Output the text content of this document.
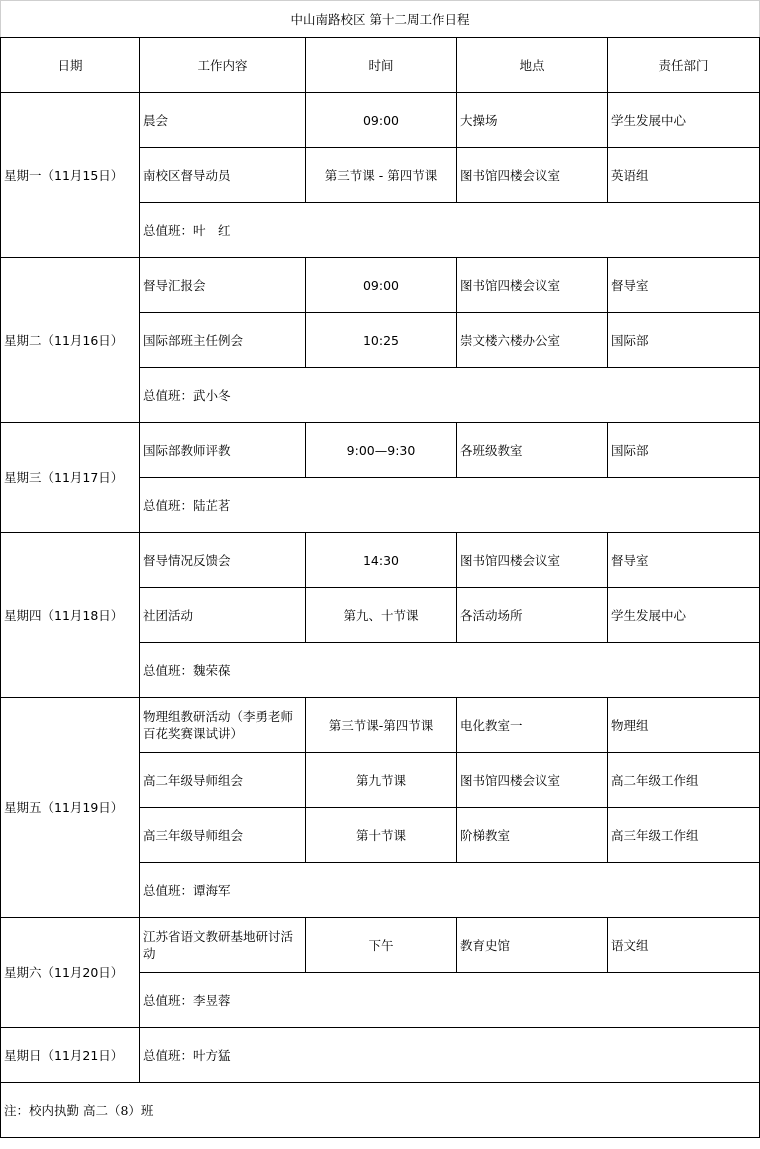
中山南路校区 第十二周工作日程				
日期	工作内容	时间	地点	责任部门
星期一（11月15日）	晨会	09:00	大操场	学生发展中心
	南校区督导动员	第三节课 - 第四节课	图书馆四楼会议室	英语组
	总值班：叶　红			
星期二（11月16日）	督导汇报会	09:00	图书馆四楼会议室	督导室
	国际部班主任例会	10:25	崇文楼六楼办公室	国际部
	总值班：武小冬			
星期三（11月17日）	国际部教师评教	9:00—9:30	各班级教室	国际部
	总值班：陆芷茗			
星期四（11月18日）	督导情况反馈会	14:30	图书馆四楼会议室	督导室
	社团活动	第九、十节课	各活动场所	学生发展中心
	总值班：魏荣葆			
星期五（11月19日）	物理组教研活动（李勇老师百花奖赛课试讲）	第三节课-第四节课	电化教室一	物理组
	高二年级导师组会	第九节课	图书馆四楼会议室	高二年级工作组
	高三年级导师组会	第十节课	阶梯教室	高三年级工作组
	总值班：谭海军			
星期六（11月20日）	江苏省语文教研基地研讨活动	下午	教育史馆	语文组
	总值班：李昱蓉			
星期日（11月21日）	总值班：叶方猛			
注：校内执勤 高二（8）班				
